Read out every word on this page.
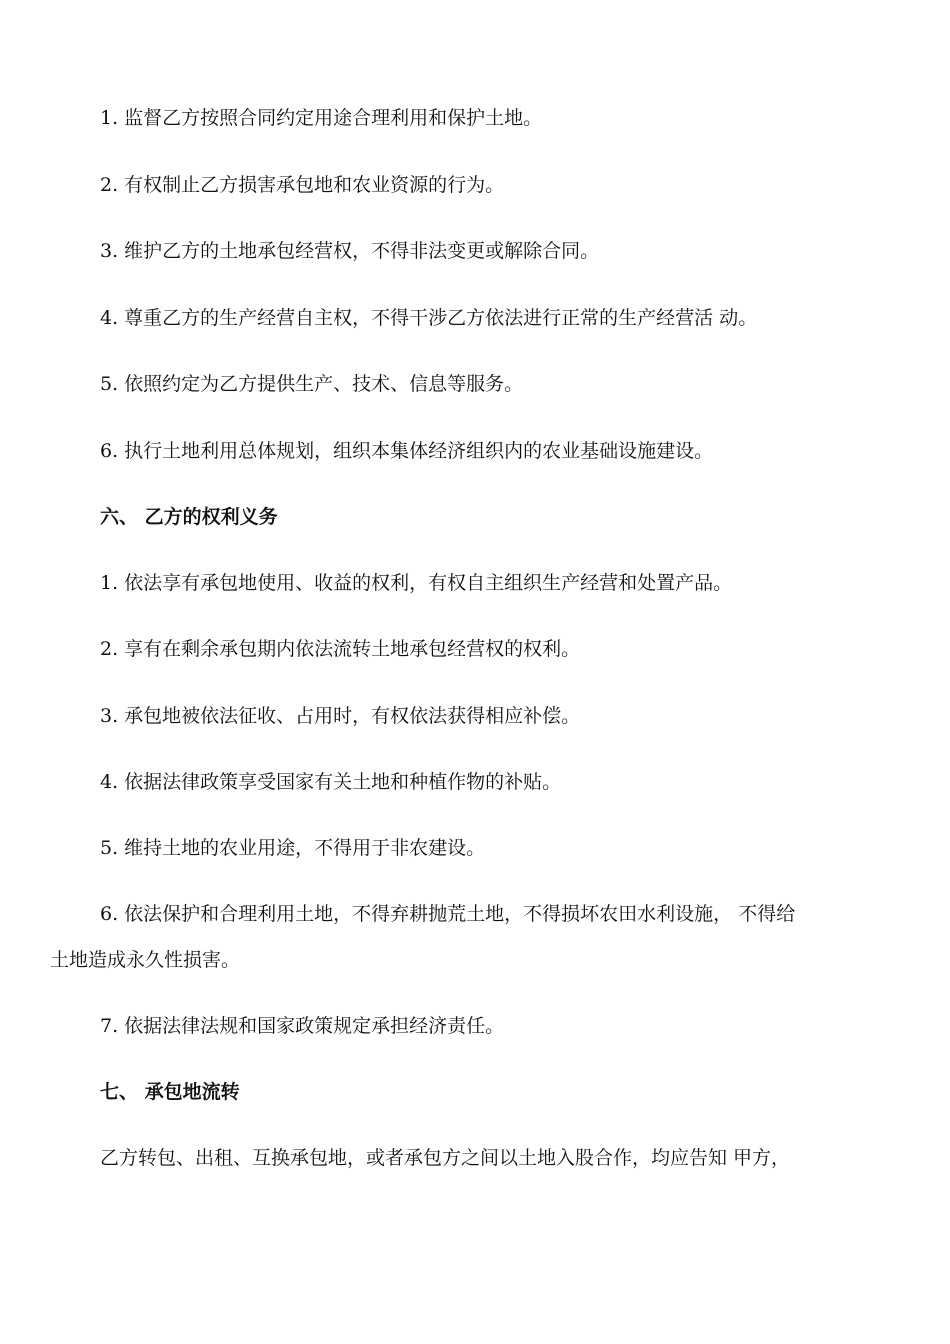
1. 监督乙方按照合同约定用途合理利用和保护土地。
2. 有权制止乙方损害承包地和农业资源的行为。
3. 维护乙方的土地承包经营权，不得非法变更或解除合同。
4. 尊重乙方的生产经营自主权，不得干涉乙方依法进行正常的生产经营活 动。
5. 依照约定为乙方提供生产、技术、信息等服务。
6. 执行土地利用总体规划，组织本集体经济组织内的农业基础设施建设。
六、 乙方的权利义务
1. 依法享有承包地使用、收益的权利，有权自主组织生产经营和处置产品。
2. 享有在剩余承包期内依法流转土地承包经营权的权利。
3. 承包地被依法征收、占用时，有权依法获得相应补偿。
4. 依据法律政策享受国家有关土地和种植作物的补贴。
5. 维持土地的农业用途，不得用于非农建设。
6. 依法保护和合理利用土地，不得弃耕抛荒土地，不得损坏农田水利设施， 不得给
土地造成永久性损害。
7. 依据法律法规和国家政策规定承担经济责任。
七、 承包地流转
乙方转包、出租、互换承包地，或者承包方之间以土地入股合作，均应告知 甲方，
